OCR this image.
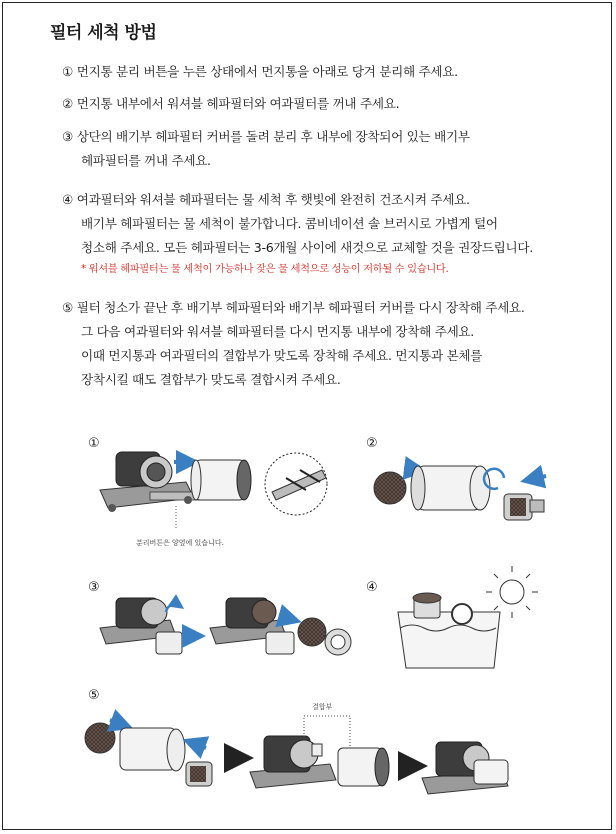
필터 세척 방법
① 먼지통 분리 버튼을 누른 상태에서 먼지통을 아래로 당겨 분리해 주세요.
② 먼지통 내부에서 워셔블 헤파필터와 여과필터를 꺼내 주세요.
③ 상단의 배기부 헤파필터 커버를 돌려 분리 후 내부에 장착되어 있는 배기부
헤파필터를 꺼내 주세요.
④ 여과필터와 워셔블 헤파필터는 물 세척 후 햇빛에 완전히 건조시켜 주세요.
배기부 헤파필터는 물 세척이 불가합니다. 콤비네이션 솔 브러시로 가볍게 털어
청소해 주세요. 모든 헤파필터는 3-6개월 사이에 새것으로 교체할 것을 권장드립니다.
* 워셔블 헤파필터는 물 세척이 가능하나 잦은 물 세척으로 성능이 저하될 수 있습니다.
⑤ 필터 청소가 끝난 후 배기부 헤파필터와 배기부 헤파필터 커버를 다시 장착해 주세요.
그 다음 여과필터와 워셔블 헤파필터를 다시 먼지통 내부에 장착해 주세요.
이때 먼지통과 여과필터의 결합부가 맞도록 장착해 주세요. 먼지통과 본체를
장착시킬 때도 결합부가 맞도록 결합시켜 주세요.
①	②
③	④
⑤
분리버튼은 양옆에 있습니다.
결합부
